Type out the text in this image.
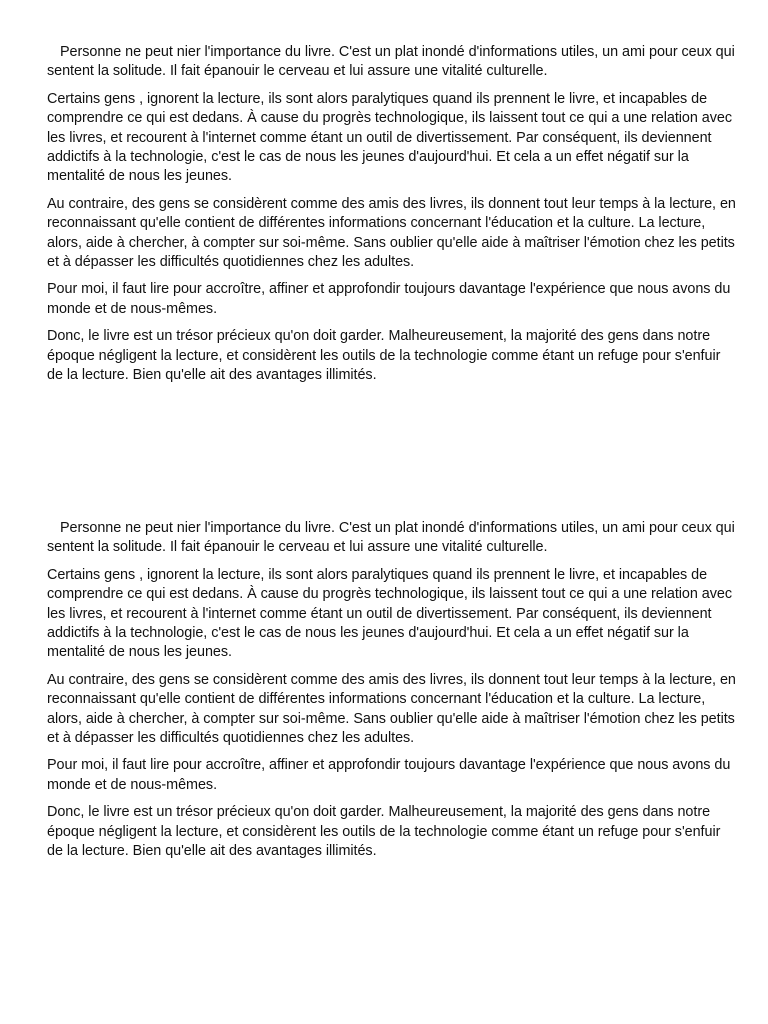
Personne ne peut nier l'importance du livre. C'est un plat inondé d'informations utiles, un ami pour ceux qui sentent la solitude. Il fait épanouir le cerveau et lui assure une vitalité culturelle.

Certains gens , ignorent la lecture, ils sont alors paralytiques quand ils prennent le livre, et incapables de comprendre ce qui est dedans. À cause du progrès technologique, ils laissent tout ce qui a une relation avec les livres, et recourent à l'internet comme étant un outil de divertissement. Par conséquent, ils deviennent addictifs à la technologie, c'est le cas de nous les jeunes d'aujourd'hui. Et cela a un effet négatif sur la mentalité de nous les jeunes.

Au contraire, des gens se considèrent comme des amis des livres, ils donnent tout leur temps à la lecture, en reconnaissant qu'elle contient de différentes informations concernant l'éducation et la culture. La lecture, alors, aide à chercher, à compter sur soi-même. Sans oublier qu'elle aide à maîtriser l'émotion chez les petits et à dépasser les difficultés quotidiennes chez les adultes.

Pour moi, il faut lire pour accroître, affiner et approfondir toujours davantage l'expérience que nous avons du monde et de nous-mêmes.

Donc, le livre est un trésor précieux qu'on doit garder. Malheureusement, la majorité des gens dans notre époque négligent la lecture, et considèrent les outils de la technologie comme étant un refuge pour s'enfuir de la lecture. Bien qu'elle ait des avantages illimités.

Personne ne peut nier l'importance du livre. C'est un plat inondé d'informations utiles, un ami pour ceux qui sentent la solitude. Il fait épanouir le cerveau et lui assure une vitalité culturelle.

Certains gens , ignorent la lecture, ils sont alors paralytiques quand ils prennent le livre, et incapables de comprendre ce qui est dedans. À cause du progrès technologique, ils laissent tout ce qui a une relation avec les livres, et recourent à l'internet comme étant un outil de divertissement. Par conséquent, ils deviennent addictifs à la technologie, c'est le cas de nous les jeunes d'aujourd'hui. Et cela a un effet négatif sur la mentalité de nous les jeunes.

Au contraire, des gens se considèrent comme des amis des livres, ils donnent tout leur temps à la lecture, en reconnaissant qu'elle contient de différentes informations concernant l'éducation et la culture. La lecture, alors, aide à chercher, à compter sur soi-même. Sans oublier qu'elle aide à maîtriser l'émotion chez les petits et à dépasser les difficultés quotidiennes chez les adultes.

Pour moi, il faut lire pour accroître, affiner et approfondir toujours davantage l'expérience que nous avons du monde et de nous-mêmes.

Donc, le livre est un trésor précieux qu'on doit garder. Malheureusement, la majorité des gens dans notre époque négligent la lecture, et considèrent les outils de la technologie comme étant un refuge pour s'enfuir de la lecture. Bien qu'elle ait des avantages illimités.
